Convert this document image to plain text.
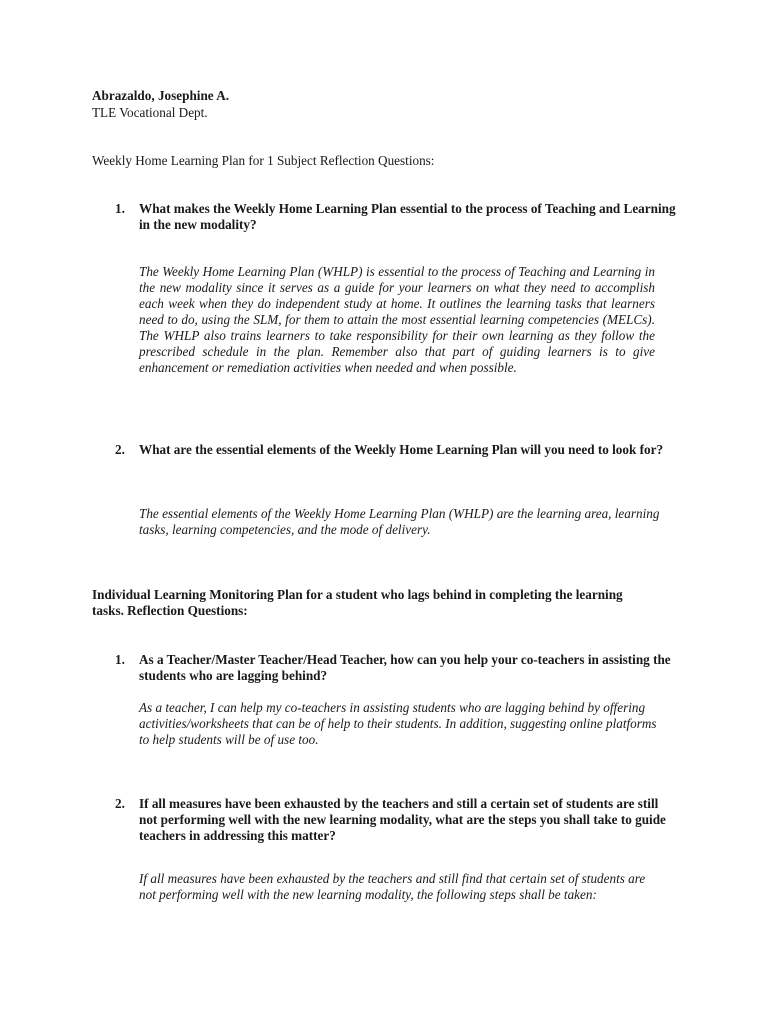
Abrazaldo, Josephine A.
TLE Vocational Dept.
Weekly Home Learning Plan for 1 Subject Reflection Questions:
1. What makes the Weekly Home Learning Plan essential to the process of Teaching and Learning in the new modality?
The Weekly Home Learning Plan (WHLP) is essential to the process of Teaching and Learning in the new modality since it serves as a guide for your learners on what they need to accomplish each week when they do independent study at home. It outlines the learning tasks that learners need to do, using the SLM, for them to attain the most essential learning competencies (MELCs). The WHLP also trains learners to take responsibility for their own learning as they follow the prescribed schedule in the plan. Remember also that part of guiding learners is to give enhancement or remediation activities when needed and when possible.
2. What are the essential elements of the Weekly Home Learning Plan will you need to look for?
The essential elements of the Weekly Home Learning Plan (WHLP) are the learning area, learning tasks, learning competencies, and the mode of delivery.
Individual Learning Monitoring Plan for a student who lags behind in completing the learning tasks. Reflection Questions:
1. As a Teacher/Master Teacher/Head Teacher, how can you help your co-teachers in assisting the students who are lagging behind?
As a teacher, I can help my co-teachers in assisting students who are lagging behind by offering activities/worksheets that can be of help to their students. In addition, suggesting online platforms to help students will be of use too.
2. If all measures have been exhausted by the teachers and still a certain set of students are still not performing well with the new learning modality, what are the steps you shall take to guide teachers in addressing this matter?
If all measures have been exhausted by the teachers and still find that certain set of students are not performing well with the new learning modality, the following steps shall be taken:
